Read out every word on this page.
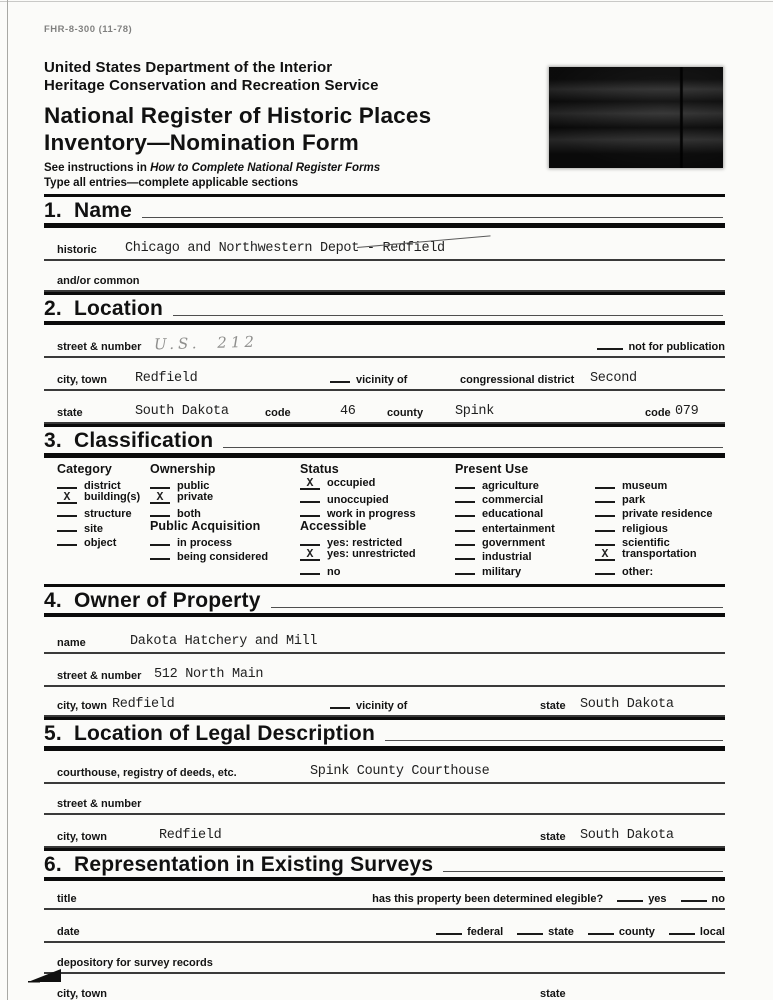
FHR-8-300 (11-78)
United States Department of the Interior
Heritage Conservation and Recreation Service
National Register of Historic Places
Inventory—Nomination Form
See instructions in How to Complete National Register Forms
Type all entries—complete applicable sections
1.  Name
historic Chicago and Northwestern Depot - Redfield
and/or common
2.  Location
street & number U.S. 212	not for publication
city, town Redfield	vicinity of	congressional district Second
state	South Dakota	code	46	county Spink	code 079
3.  Classification
Category
district
X building(s)
structure
site
object
Ownership
public
X private
both
Public Acquisition
in process
being considered
Status
X occupied
unoccupied
work in progress
Accessible
yes: restricted
X yes: unrestricted
no
Present Use
agriculture
commercial
educational
entertainment
government
industrial
military
museum
park
private residence
religious
scientific
X transportation
other:
4.  Owner of Property
name	Dakota Hatchery and Mill
street & number 512 North Main
city, town Redfield	vicinity of	state South Dakota
5.  Location of Legal Description
courthouse, registry of deeds, etc.	Spink County Courthouse
street & number
city, town	Redfield	state South Dakota
6.  Representation in Existing Surveys
title	has this property been determined elegible?	yes	no
date	federal	state	county	local
depository for survey records
city, town	state
